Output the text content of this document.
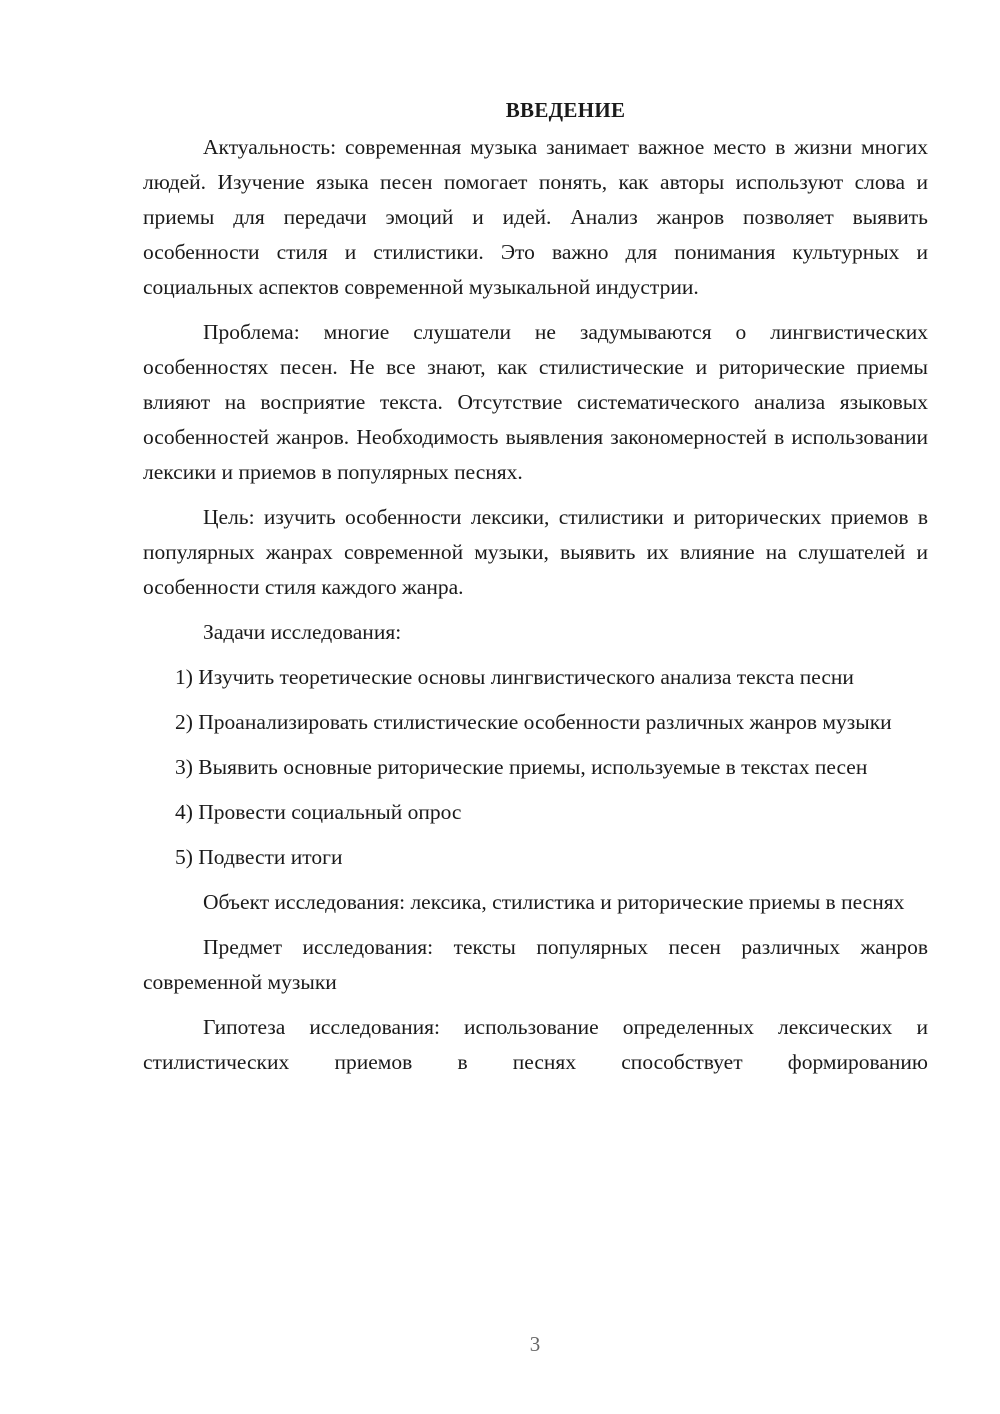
ВВЕДЕНИЕ

Актуальность: современная музыка занимает важное место в жизни многих людей. Изучение языка песен помогает понять, как авторы используют слова и приемы для передачи эмоций и идей. Анализ жанров позволяет выявить особенности стиля и стилистики. Это важно для понимания культурных и социальных аспектов современной музыкальной индустрии.

Проблема: многие слушатели не задумываются о лингвистических особенностях песен. Не все знают, как стилистические и риторические приемы влияют на восприятие текста. Отсутствие систематического анализа языковых особенностей жанров. Необходимость выявления закономерностей в использовании лексики и приемов в популярных песнях.

Цель: изучить особенности лексики, стилистики и риторических приемов в популярных жанрах современной музыки, выявить их влияние на слушателей и особенности стиля каждого жанра.

Задачи исследования:

1) Изучить теоретические основы лингвистического анализа текста песни

2) Проанализировать стилистические особенности различных жанров музыки

3) Выявить основные риторические приемы, используемые в текстах песен

4) Провести социальный опрос

5) Подвести итоги

Объект исследования: лексика, стилистика и риторические приемы в песнях

Предмет исследования: тексты популярных песен различных жанров современной музыки

Гипотеза исследования: использование определенных лексических и стилистических приемов в песнях способствует формированию

3
